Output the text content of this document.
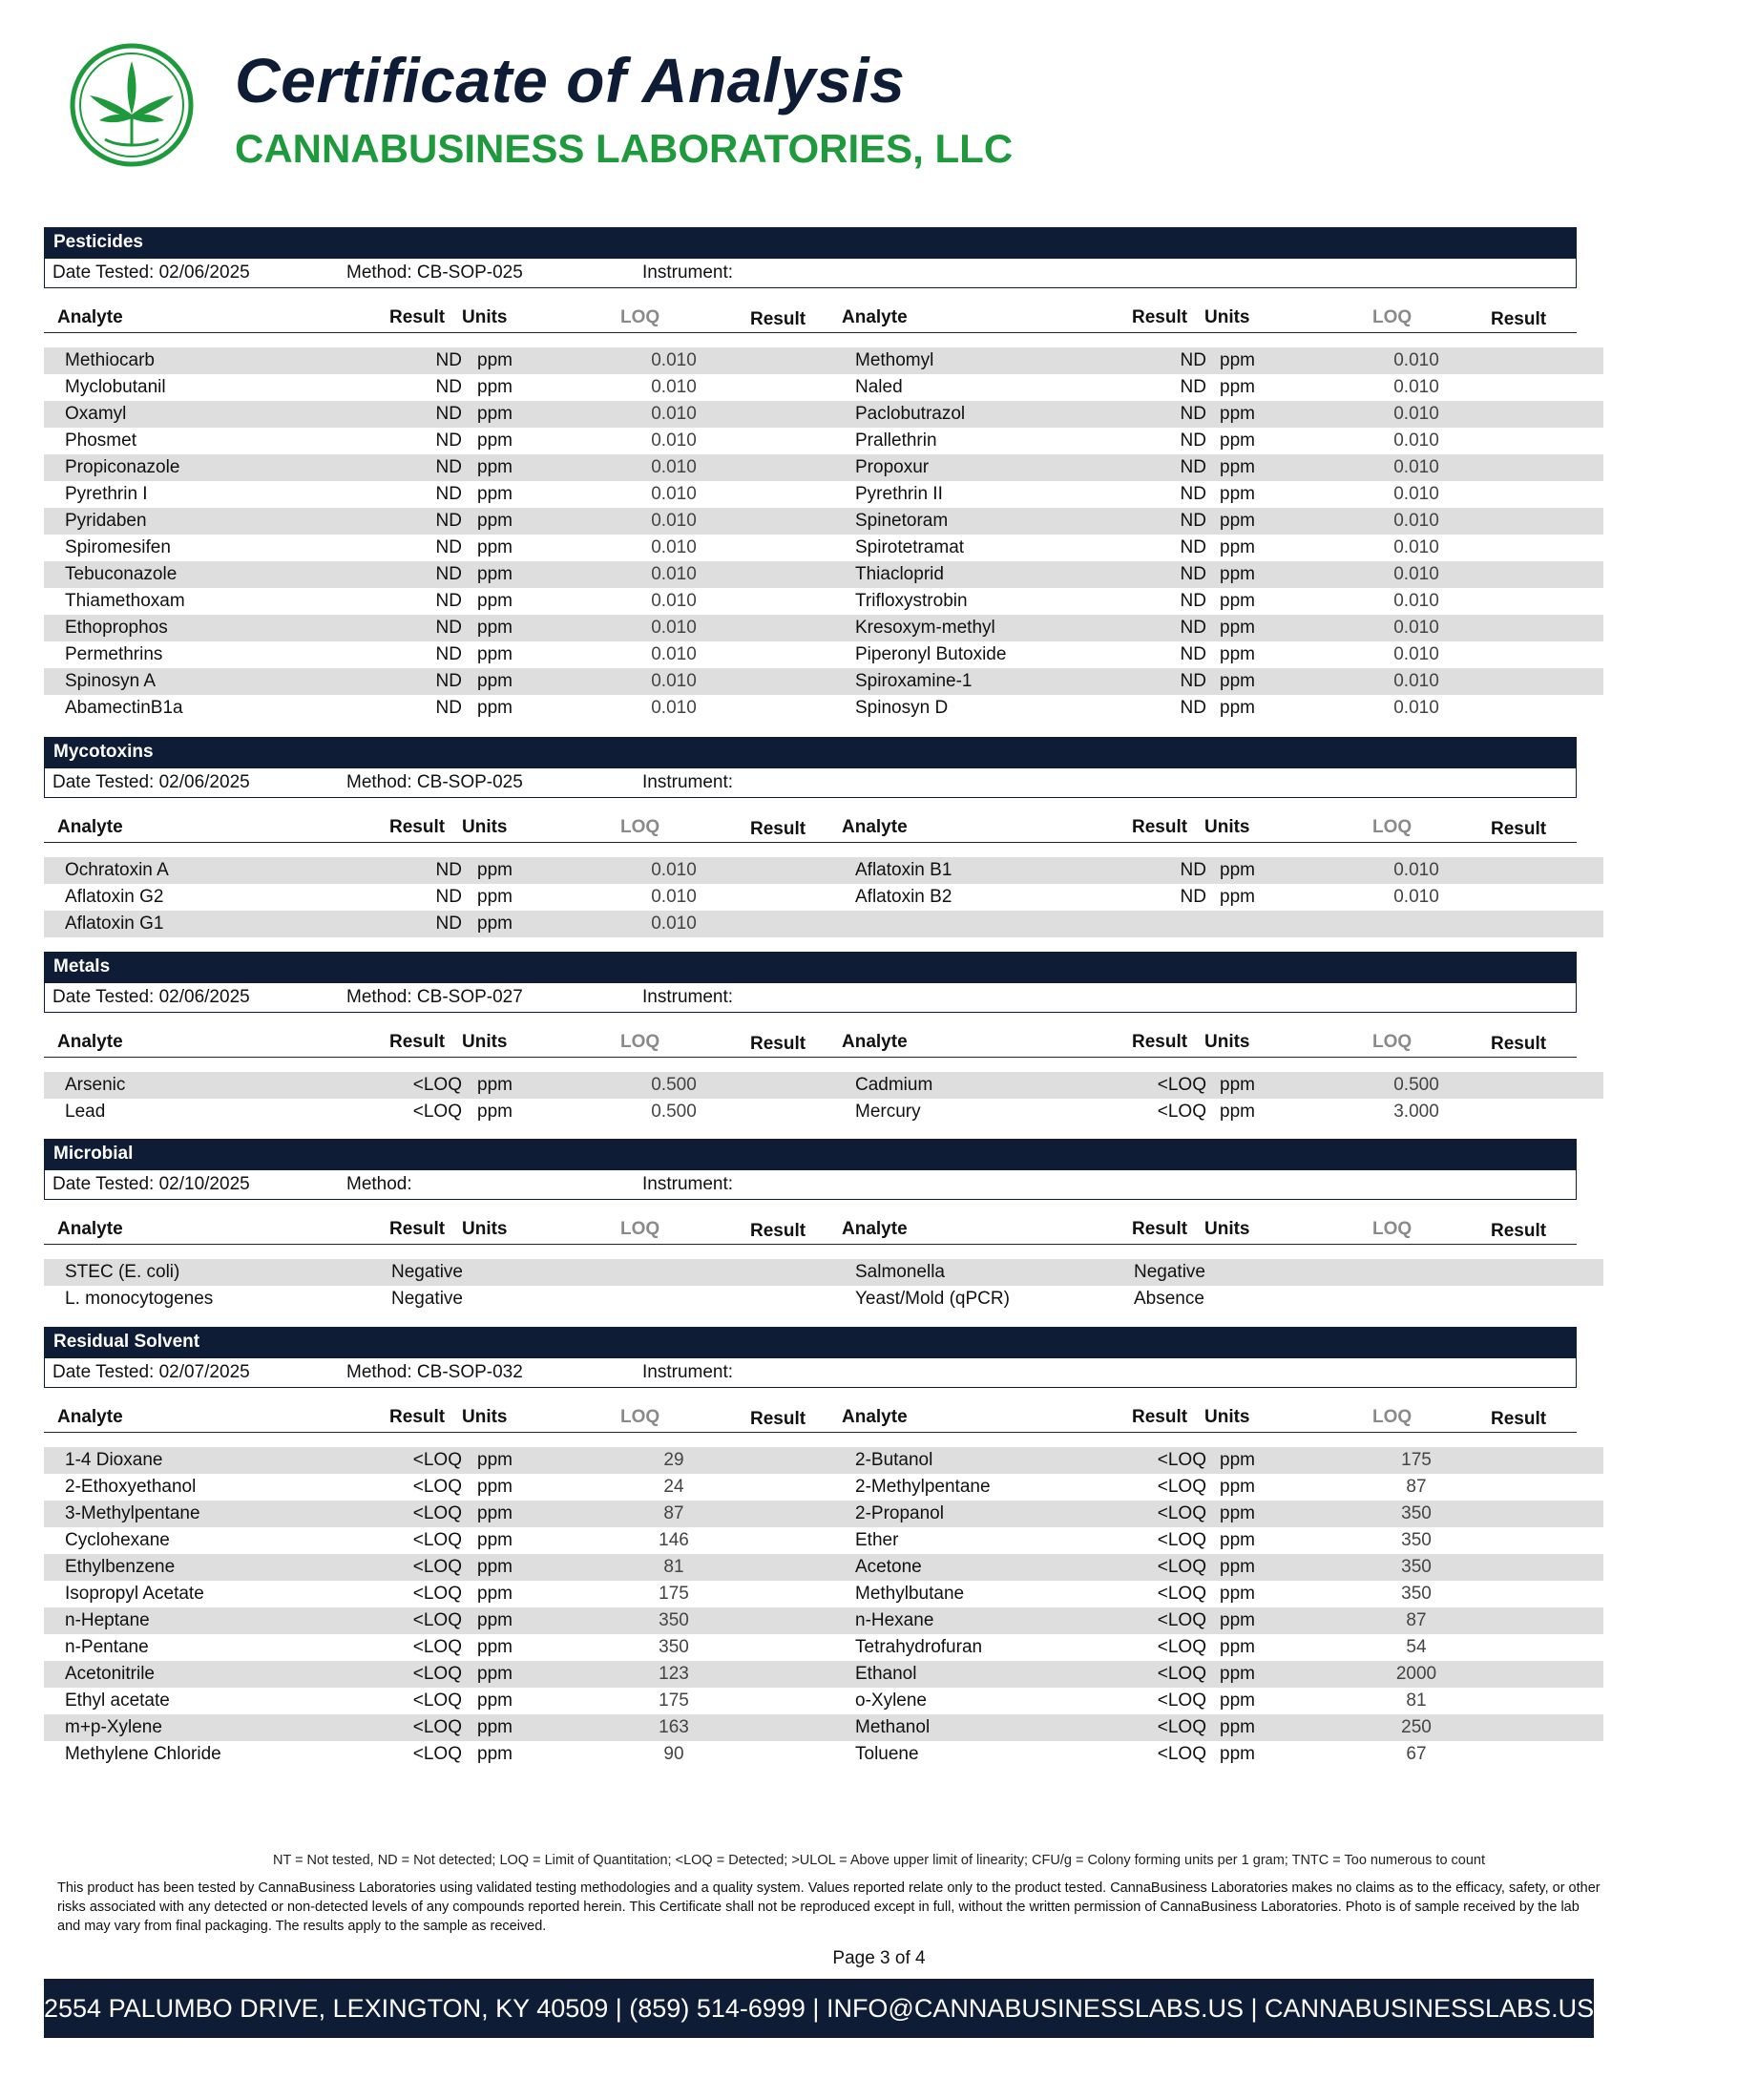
Certificate of Analysis
CANNABUSINESS LABORATORIES, LLC
Pesticides
Date Tested: 02/06/2025	Method: CB-SOP-025	Instrument:
Analyte	Result Units	LOQ	Result Analyte	Result Units	LOQ	Result
Methiocarb	ND ppm	0.010	Methomyl	ND ppm	0.010
Myclobutanil	ND ppm	0.010	Naled	ND ppm	0.010
Oxamyl	ND ppm	0.010	Paclobutrazol	ND ppm	0.010
Phosmet	ND ppm	0.010	Prallethrin	ND ppm	0.010
Propiconazole	ND ppm	0.010	Propoxur	ND ppm	0.010
Pyrethrin I	ND ppm	0.010	Pyrethrin II	ND ppm	0.010
Pyridaben	ND ppm	0.010	Spinetoram	ND ppm	0.010
Spiromesifen	ND ppm	0.010	Spirotetramat	ND ppm	0.010
Tebuconazole	ND ppm	0.010	Thiacloprid	ND ppm	0.010
Thiamethoxam	ND ppm	0.010	Trifloxystrobin	ND ppm	0.010
Ethoprophos	ND ppm	0.010	Kresoxym-methyl	ND ppm	0.010
Permethrins	ND ppm	0.010	Piperonyl Butoxide	ND ppm	0.010
Spinosyn A	ND ppm	0.010	Spiroxamine-1	ND ppm	0.010
AbamectinB1a	ND ppm	0.010	Spinosyn D	ND ppm	0.010
Mycotoxins
Date Tested: 02/06/2025	Method: CB-SOP-025	Instrument:
Analyte	Result Units	LOQ	Result Analyte	Result Units	LOQ	Result
Ochratoxin A	ND ppm	0.010	Aflatoxin B1	ND ppm	0.010
Aflatoxin G2	ND ppm	0.010	Aflatoxin B2	ND ppm	0.010
Aflatoxin G1	ND ppm	0.010
Metals
Date Tested: 02/06/2025	Method: CB-SOP-027	Instrument:
Analyte	Result Units	LOQ	Result Analyte	Result Units	LOQ	Result
Arsenic	<LOQ ppm	0.500	Cadmium	<LOQ ppm	0.500
Lead	<LOQ ppm	0.500	Mercury	<LOQ ppm	3.000
Microbial
Date Tested: 02/10/2025	Method:	Instrument:
Analyte	Result Units	LOQ	Result Analyte	Result Units	LOQ	Result
STEC (E. coli)	Negative	Salmonella	Negative
L. monocytogenes	Negative	Yeast/Mold (qPCR)	Absence
Residual Solvent
Date Tested: 02/07/2025	Method: CB-SOP-032	Instrument:
Analyte	Result Units	LOQ	Result Analyte	Result Units	LOQ	Result
1-4 Dioxane	<LOQ ppm	29	2-Butanol	<LOQ ppm	175
2-Ethoxyethanol	<LOQ ppm	24	2-Methylpentane	<LOQ ppm	87
3-Methylpentane	<LOQ ppm	87	2-Propanol	<LOQ ppm	350
Cyclohexane	<LOQ ppm	146	Ether	<LOQ ppm	350
Ethylbenzene	<LOQ ppm	81	Acetone	<LOQ ppm	350
Isopropyl Acetate	<LOQ ppm	175	Methylbutane	<LOQ ppm	350
n-Heptane	<LOQ ppm	350	n-Hexane	<LOQ ppm	87
n-Pentane	<LOQ ppm	350	Tetrahydrofuran	<LOQ ppm	54
Acetonitrile	<LOQ ppm	123	Ethanol	<LOQ ppm	2000
Ethyl acetate	<LOQ ppm	175	o-Xylene	<LOQ ppm	81
m+p-Xylene	<LOQ ppm	163	Methanol	<LOQ ppm	250
Methylene Chloride	<LOQ ppm	90	Toluene	<LOQ ppm	67
NT = Not tested, ND = Not detected; LOQ = Limit of Quantitation; <LOQ = Detected; >ULOL = Above upper limit of linearity; CFU/g = Colony forming units per 1 gram; TNTC = Too numerous to count
This product has been tested by CannaBusiness Laboratories using validated testing methodologies and a quality system. Values reported relate only to the product tested. CannaBusiness Laboratories makes no claims as to the efficacy, safety, or other risks associated with any detected or non-detected levels of any compounds reported herein. This Certificate shall not be reproduced except in full, without the written permission of CannaBusiness Laboratories. Photo is of sample received by the lab and may vary from final packaging. The results apply to the sample as received.
Page 3 of 4
2554 PALUMBO DRIVE, LEXINGTON, KY 40509 | (859) 514-6999 | INFO@CANNABUSINESSLABS.US | CANNABUSINESSLABS.US
